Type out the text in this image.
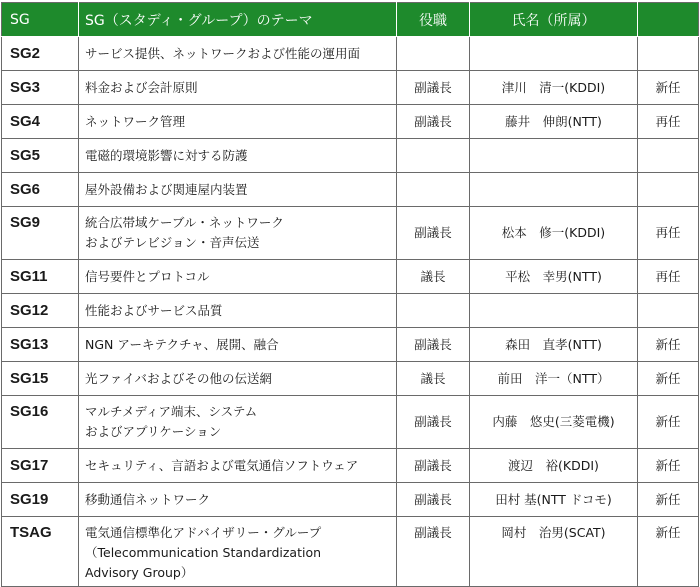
SG	SG（スタディ・グループ）のテーマ	役職	氏名（所属）	
SG2	サービス提供、ネットワークおよび性能の運用面			

SG3	料金および会計原則	副議長	津川　清一(KDDI)	新任
SG4	ネットワーク管理	副議長	藤井　伸朗(NTT)	再任
SG5	電磁的環境影響に対する防護			

SG6	屋外設備および関連屋内装置			

SG9	統合広帯域ケーブル・ネットワーク
およびテレビジョン・音声伝送	副議長	松本　修一(KDDI)	再任
SG11	信号要件とプロトコル	議長	平松　幸男(NTT)	再任
SG12	性能およびサービス品質			

SG13	NGN アーキテクチャ、展開、融合	副議長	森田　直孝(NTT)	新任
SG15	光ファイバおよびその他の伝送網	議長	前田　洋一（NTT）	新任
SG16	マルチメディア端末、システム
およびアプリケーション	副議長	内藤　悠史(三菱電機)	新任
SG17	セキュリティ、言語および電気通信ソフトウェア	副議長	渡辺　裕(KDDI)	新任
SG19	移動通信ネットワーク	副議長	田村 基(NTT ドコモ)	新任
TSAG	電気通信標準化アドバイザリー・グループ
（Telecommunication Standardization
Advisory Group）	副議長	岡村　治男(SCAT)	新任
